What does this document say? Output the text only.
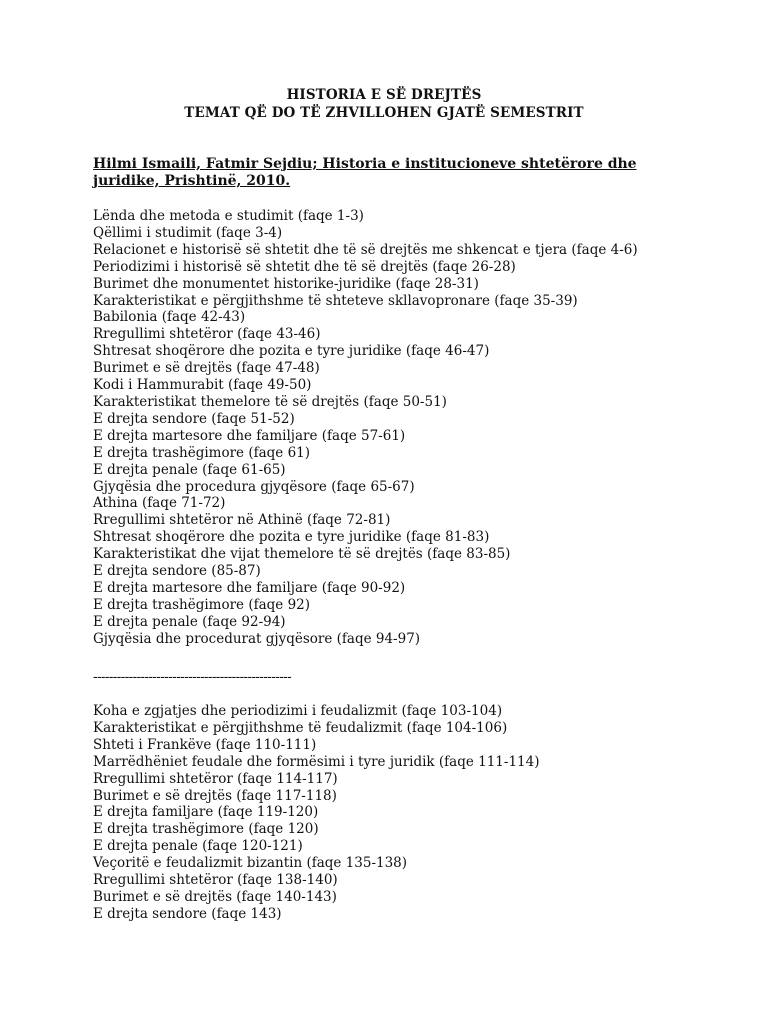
HISTORIA E SË DREJTËS
TEMAT QË DO TË ZHVILLOHEN GJATË SEMESTRIT
Hilmi Ismaili, Fatmir Sejdiu; Historia e institucioneve shtetërore dhe juridike, Prishtinë, 2010.
Lënda dhe metoda e studimit (faqe 1-3)
Qëllimi i studimit (faqe 3-4)
Relacionet e historisë së shtetit dhe të së drejtës me shkencat e tjera (faqe 4-6)
Periodizimi i historisë së shtetit dhe të së drejtës (faqe 26-28)
Burimet dhe monumentet historike-juridike (faqe 28-31)
Karakteristikat e përgjithshme të shteteve skllavopronare (faqe 35-39)
Babilonia (faqe 42-43)
Rregullimi shtetëror (faqe 43-46)
Shtresat shoqërore dhe pozita e tyre juridike (faqe 46-47)
Burimet e së drejtës (faqe 47-48)
Kodi i Hammurabit (faqe 49-50)
Karakteristikat themelore të së drejtës (faqe 50-51)
E drejta sendore (faqe 51-52)
E drejta martesore dhe familjare (faqe 57-61)
E drejta trashëgimore (faqe 61)
E drejta penale (faqe 61-65)
Gjyqësia dhe procedura gjyqësore (faqe 65-67)
Athina (faqe 71-72)
Rregullimi shtetëror në Athinë (faqe 72-81)
Shtresat shoqërore dhe pozita e tyre juridike (faqe 81-83)
Karakteristikat dhe vijat themelore të së drejtës (faqe 83-85)
E drejta sendore (85-87)
E drejta martesore dhe familjare (faqe 90-92)
E drejta trashëgimore (faqe 92)
E drejta penale (faqe 92-94)
Gjyqësia dhe procedurat gjyqësore (faqe 94-97)
--------------------------------------------------
Koha e zgjatjes dhe periodizimi i feudalizmit (faqe 103-104)
Karakteristikat e përgjithshme të feudalizmit (faqe 104-106)
Shteti i Frankëve (faqe 110-111)
Marrëdhëniet feudale dhe formësimi i tyre juridik (faqe 111-114)
Rregullimi shtetëror (faqe 114-117)
Burimet e së drejtës (faqe 117-118)
E drejta familjare (faqe 119-120)
E drejta trashëgimore (faqe 120)
E drejta penale (faqe 120-121)
Veçoritë e feudalizmit bizantin (faqe 135-138)
Rregullimi shtetëror (faqe 138-140)
Burimet e së drejtës (faqe 140-143)
E drejta sendore (faqe 143)
